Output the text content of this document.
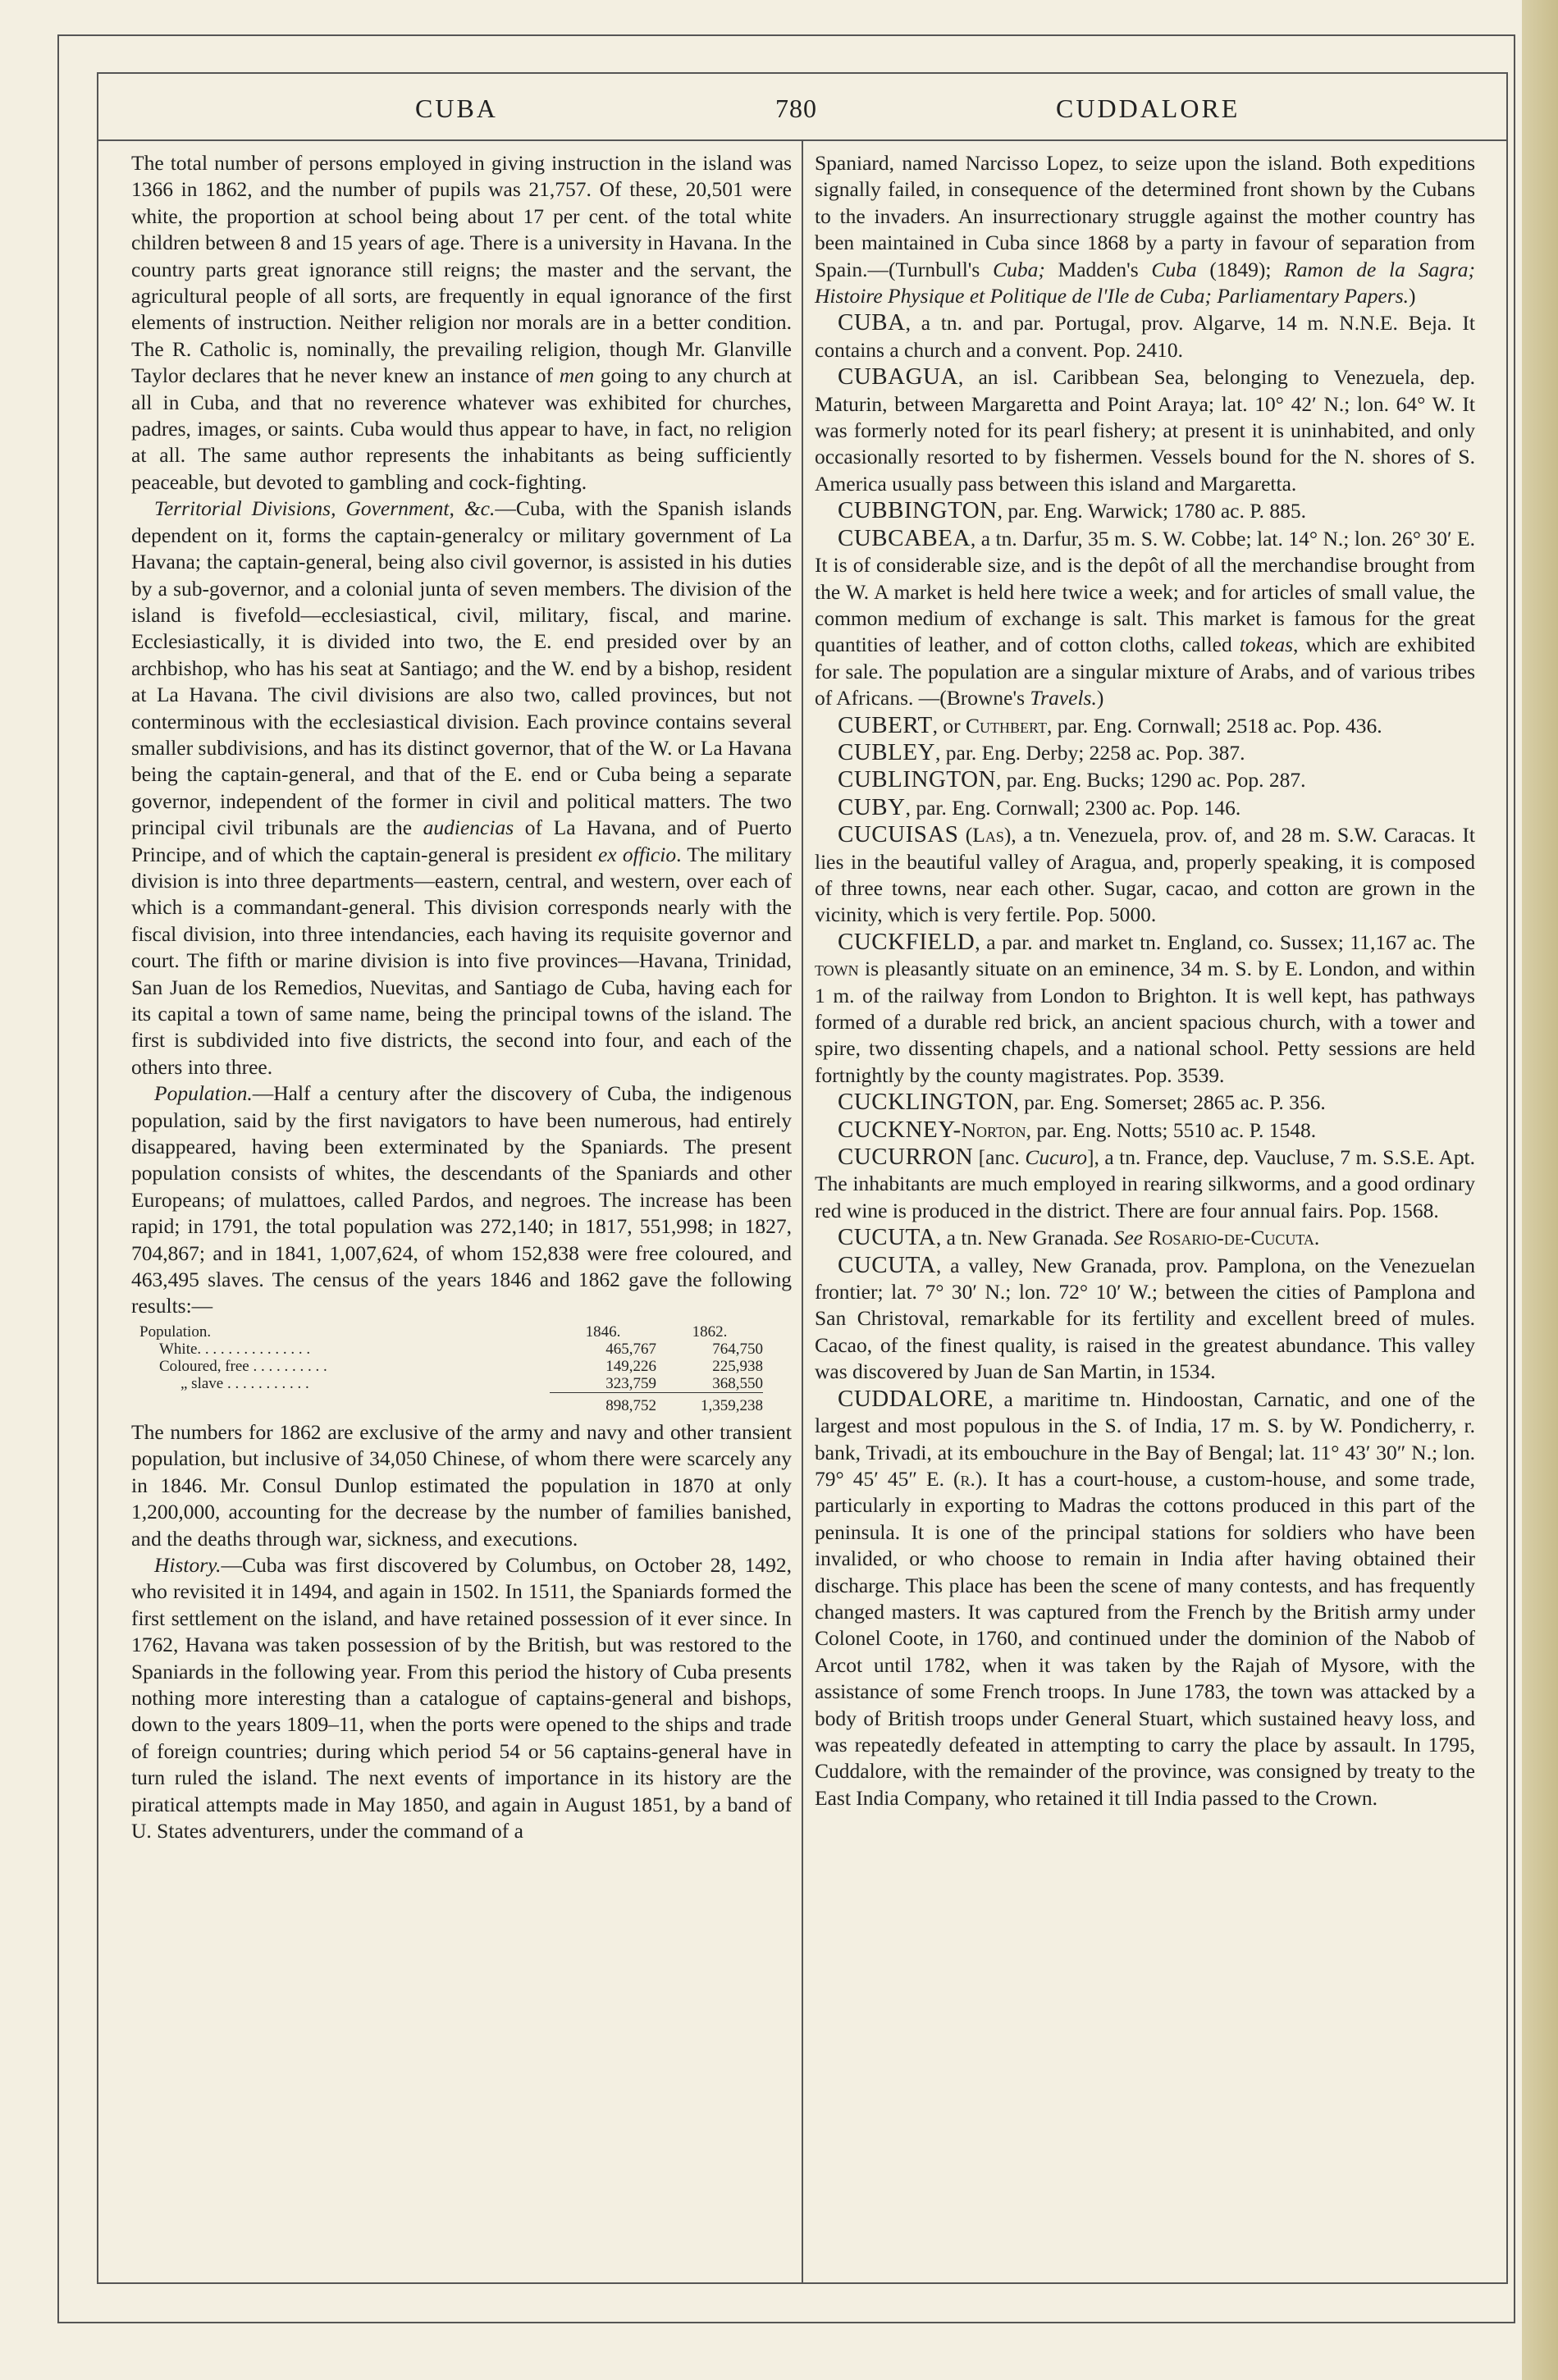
CUBA	780	CUDDALORE

The total number of persons employed in giving instruction in the island was 1366 in 1862, and the number of pupils was 21,757. Of these, 20,501 were white, the proportion at school being about 17 per cent. of the total white children between 8 and 15 years of age. There is a university in Havana. In the country parts great ignorance still reigns; the master and the servant, the agricultural people of all sorts, are frequently in equal ignorance of the first elements of instruction. Neither religion nor morals are in a better condition. The R. Catholic is, nominally, the prevailing religion, though Mr. Glanville Taylor declares that he never knew an instance of men going to any church at all in Cuba, and that no reverence whatever was exhibited for churches, padres, images, or saints. Cuba would thus appear to have, in fact, no religion at all. The same author represents the inhabitants as being sufficiently peaceable, but devoted to gambling and cock-fighting.

Territorial Divisions, Government, &c.—Cuba, with the Spanish islands dependent on it, forms the captain-generalcy or military government of La Havana; the captain-general, being also civil governor, is assisted in his duties by a sub-governor, and a colonial junta of seven members. The division of the island is fivefold—ecclesiastical, civil, military, fiscal, and marine. Ecclesiastically, it is divided into two, the E. end presided over by an archbishop, who has his seat at Santiago; and the W. end by a bishop, resident at La Havana. The civil divisions are also two, called provinces, but not conterminous with the ecclesiastical division. Each province contains several smaller subdivisions, and has its distinct governor, that of the W. or La Havana being the captain-general, and that of the E. end or Cuba being a separate governor, independent of the former in civil and political matters. The two principal civil tribunals are the audiencias of La Havana, and of Puerto Principe, and of which the captain-general is president ex officio. The military division is into three departments—eastern, central, and western, over each of which is a commandant-general. This division corresponds nearly with the fiscal division, into three intendancies, each having its requisite governor and court. The fifth or marine division is into five provinces—Havana, Trinidad, San Juan de los Remedios, Nuevitas, and Santiago de Cuba, having each for its capital a town of same name, being the principal towns of the island. The first is subdivided into five districts, the second into four, and each of the others into three.

Population.—Half a century after the discovery of Cuba, the indigenous population, said by the first navigators to have been numerous, had entirely disappeared, having been exterminated by the Spaniards. The present population consists of whites, the descendants of the Spaniards and other Europeans; of mulattoes, called Pardos, and negroes. The increase has been rapid; in 1791, the total population was 272,140; in 1817, 551,998; in 1827, 704,867; and in 1841, 1,007,624, of whom 152,838 were free coloured, and 463,495 slaves. The census of the years 1846 and 1862 gave the following results:—

Population.	1846.	1862.
White. . . . . . . . . . . . . . .	465,767	764,750
Coloured, free . . . . . . . . . .	149,226	225,938
„ slave . . . . . . . . . . .	323,759	368,550
	898,752	1,359,238

The numbers for 1862 are exclusive of the army and navy and other transient population, but inclusive of 34,050 Chinese, of whom there were scarcely any in 1846. Mr. Consul Dunlop estimated the population in 1870 at only 1,200,000, accounting for the decrease by the number of families banished, and the deaths through war, sickness, and executions.

History.—Cuba was first discovered by Columbus, on October 28, 1492, who revisited it in 1494, and again in 1502. In 1511, the Spaniards formed the first settlement on the island, and have retained possession of it ever since. In 1762, Havana was taken possession of by the British, but was restored to the Spaniards in the following year. From this period the history of Cuba presents nothing more interesting than a catalogue of captains-general and bishops, down to the years 1809–11, when the ports were opened to the ships and trade of foreign countries; during which period 54 or 56 captains-general have in turn ruled the island. The next events of importance in its history are the piratical attempts made in May 1850, and again in August 1851, by a band of U. States adventurers, under the command of a

Spaniard, named Narcisso Lopez, to seize upon the island. Both expeditions signally failed, in consequence of the determined front shown by the Cubans to the invaders. An insurrectionary struggle against the mother country has been maintained in Cuba since 1868 by a party in favour of separation from Spain.—(Turnbull's Cuba; Madden's Cuba (1849); Ramon de la Sagra; Histoire Physique et Politique de l'Ile de Cuba; Parliamentary Papers.)

CUBA, a tn. and par. Portugal, prov. Algarve, 14 m. N.N.E. Beja. It contains a church and a convent. Pop. 2410.

CUBAGUA, an isl. Caribbean Sea, belonging to Venezuela, dep. Maturin, between Margaretta and Point Araya; lat. 10° 42′ N.; lon. 64° W. It was formerly noted for its pearl fishery; at present it is uninhabited, and only occasionally resorted to by fishermen. Vessels bound for the N. shores of S. America usually pass between this island and Margaretta.

CUBBINGTON, par. Eng. Warwick; 1780 ac. P. 885.

CUBCABEA, a tn. Darfur, 35 m. S. W. Cobbe; lat. 14° N.; lon. 26° 30′ E. It is of considerable size, and is the depôt of all the merchandise brought from the W. A market is held here twice a week; and for articles of small value, the common medium of exchange is salt. This market is famous for the great quantities of leather, and of cotton cloths, called tokeas, which are exhibited for sale. The population are a singular mixture of Arabs, and of various tribes of Africans. —(Browne's Travels.)

CUBERT, or Cuthbert, par. Eng. Cornwall; 2518 ac. Pop. 436.

CUBLEY, par. Eng. Derby; 2258 ac. Pop. 387.

CUBLINGTON, par. Eng. Bucks; 1290 ac. Pop. 287.

CUBY, par. Eng. Cornwall; 2300 ac. Pop. 146.

CUCUISAS (Las), a tn. Venezuela, prov. of, and 28 m. S.W. Caracas. It lies in the beautiful valley of Aragua, and, properly speaking, it is composed of three towns, near each other. Sugar, cacao, and cotton are grown in the vicinity, which is very fertile. Pop. 5000.

CUCKFIELD, a par. and market tn. England, co. Sussex; 11,167 ac. The town is pleasantly situate on an eminence, 34 m. S. by E. London, and within 1 m. of the railway from London to Brighton. It is well kept, has pathways formed of a durable red brick, an ancient spacious church, with a tower and spire, two dissenting chapels, and a national school. Petty sessions are held fortnightly by the county magistrates. Pop. 3539.

CUCKLINGTON, par. Eng. Somerset; 2865 ac. P. 356.

CUCKNEY-Norton, par. Eng. Notts; 5510 ac. P. 1548.

CUCURRON [anc. Cucuro], a tn. France, dep. Vaucluse, 7 m. S.S.E. Apt. The inhabitants are much employed in rearing silkworms, and a good ordinary red wine is produced in the district. There are four annual fairs. Pop. 1568.

CUCUTA, a tn. New Granada. See Rosario-de-Cucuta.

CUCUTA, a valley, New Granada, prov. Pamplona, on the Venezuelan frontier; lat. 7° 30′ N.; lon. 72° 10′ W.; between the cities of Pamplona and San Christoval, remarkable for its fertility and excellent breed of mules. Cacao, of the finest quality, is raised in the greatest abundance. This valley was discovered by Juan de San Martin, in 1534.

CUDDALORE, a maritime tn. Hindoostan, Carnatic, and one of the largest and most populous in the S. of India, 17 m. S. by W. Pondicherry, r. bank, Trivadi, at its embouchure in the Bay of Bengal; lat. 11° 43′ 30″ N.; lon. 79° 45′ 45″ E. (r.). It has a court-house, a custom-house, and some trade, particularly in exporting to Madras the cottons produced in this part of the peninsula. It is one of the principal stations for soldiers who have been invalided, or who choose to remain in India after having obtained their discharge. This place has been the scene of many contests, and has frequently changed masters. It was captured from the French by the British army under Colonel Coote, in 1760, and continued under the dominion of the Nabob of Arcot until 1782, when it was taken by the Rajah of Mysore, with the assistance of some French troops. In June 1783, the town was attacked by a body of British troops under General Stuart, which sustained heavy loss, and was repeatedly defeated in attempting to carry the place by assault. In 1795, Cuddalore, with the remainder of the province, was consigned by treaty to the East India Company, who retained it till India passed to the Crown.
